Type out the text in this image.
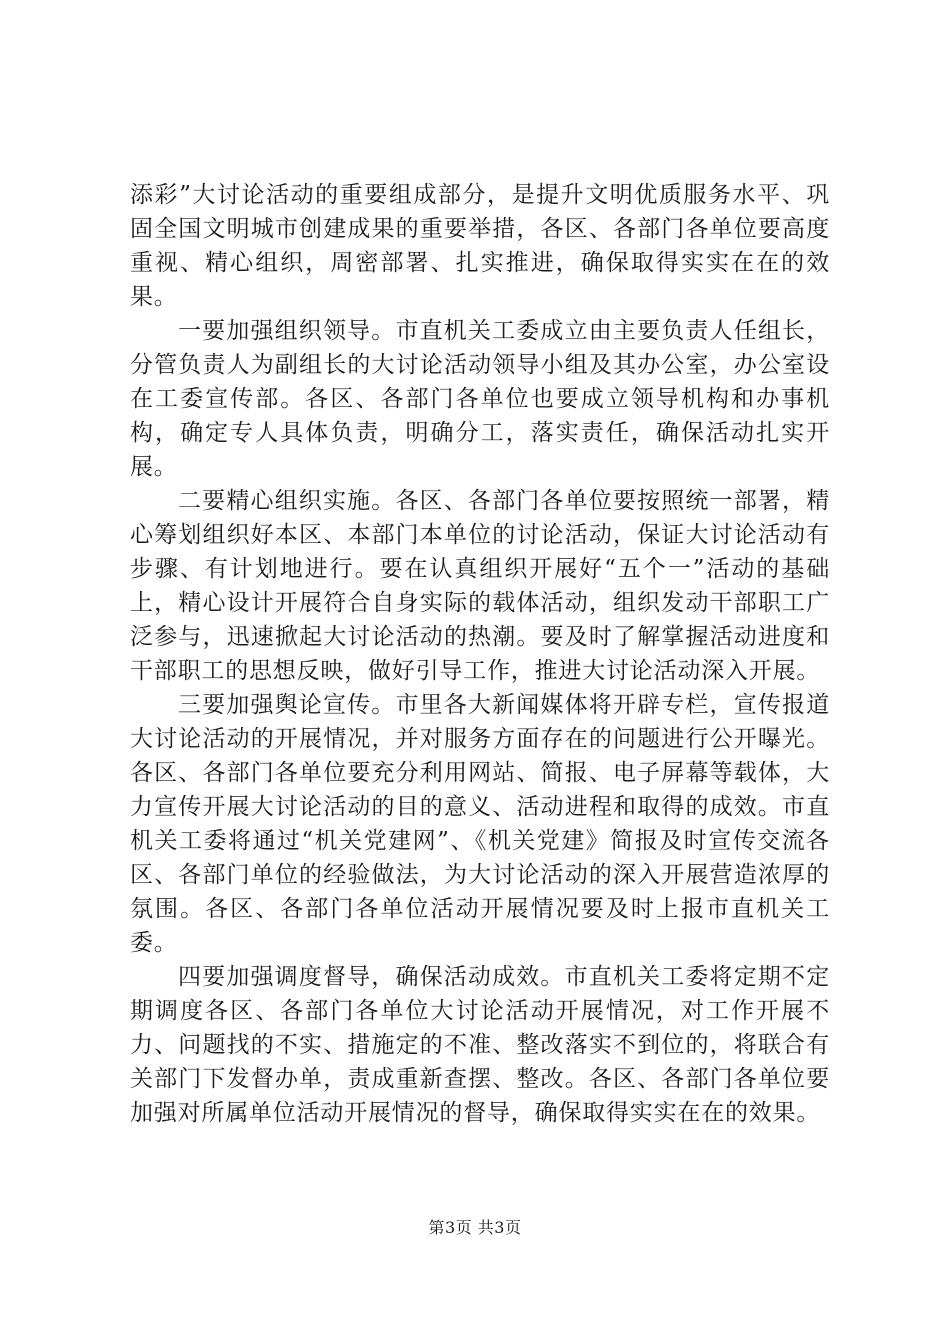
添彩”大讨论活动的重要组成部分，是提升文明优质服务水平、巩固全国文明城市创建成果的重要举措，各区、各部门各单位要高度重视、精心组织，周密部署、扎实推进，确保取得实实在在的效果。

一要加强组织领导。市直机关工委成立由主要负责人任组长，分管负责人为副组长的大讨论活动领导小组及其办公室，办公室设在工委宣传部。各区、各部门各单位也要成立领导机构和办事机构，确定专人具体负责，明确分工，落实责任，确保活动扎实开展。

二要精心组织实施。各区、各部门各单位要按照统一部署，精心筹划组织好本区、本部门本单位的讨论活动，保证大讨论活动有步骤、有计划地进行。要在认真组织开展好“五个一”活动的基础上，精心设计开展符合自身实际的载体活动，组织发动干部职工广泛参与，迅速掀起大讨论活动的热潮。要及时了解掌握活动进度和干部职工的思想反映，做好引导工作，推进大讨论活动深入开展。

三要加强舆论宣传。市里各大新闻媒体将开辟专栏，宣传报道大讨论活动的开展情况，并对服务方面存在的问题进行公开曝光。各区、各部门各单位要充分利用网站、简报、电子屏幕等载体，大力宣传开展大讨论活动的目的意义、活动进程和取得的成效。市直机关工委将通过“机关党建网”、《机关党建》简报及时宣传交流各区、各部门单位的经验做法，为大讨论活动的深入开展营造浓厚的氛围。各区、各部门各单位活动开展情况要及时上报市直机关工委。

四要加强调度督导，确保活动成效。市直机关工委将定期不定期调度各区、各部门各单位大讨论活动开展情况，对工作开展不力、问题找的不实、措施定的不准、整改落实不到位的，将联合有关部门下发督办单，责成重新查摆、整改。各区、各部门各单位要加强对所属单位活动开展情况的督导，确保取得实实在在的效果。

第3页 共3页
